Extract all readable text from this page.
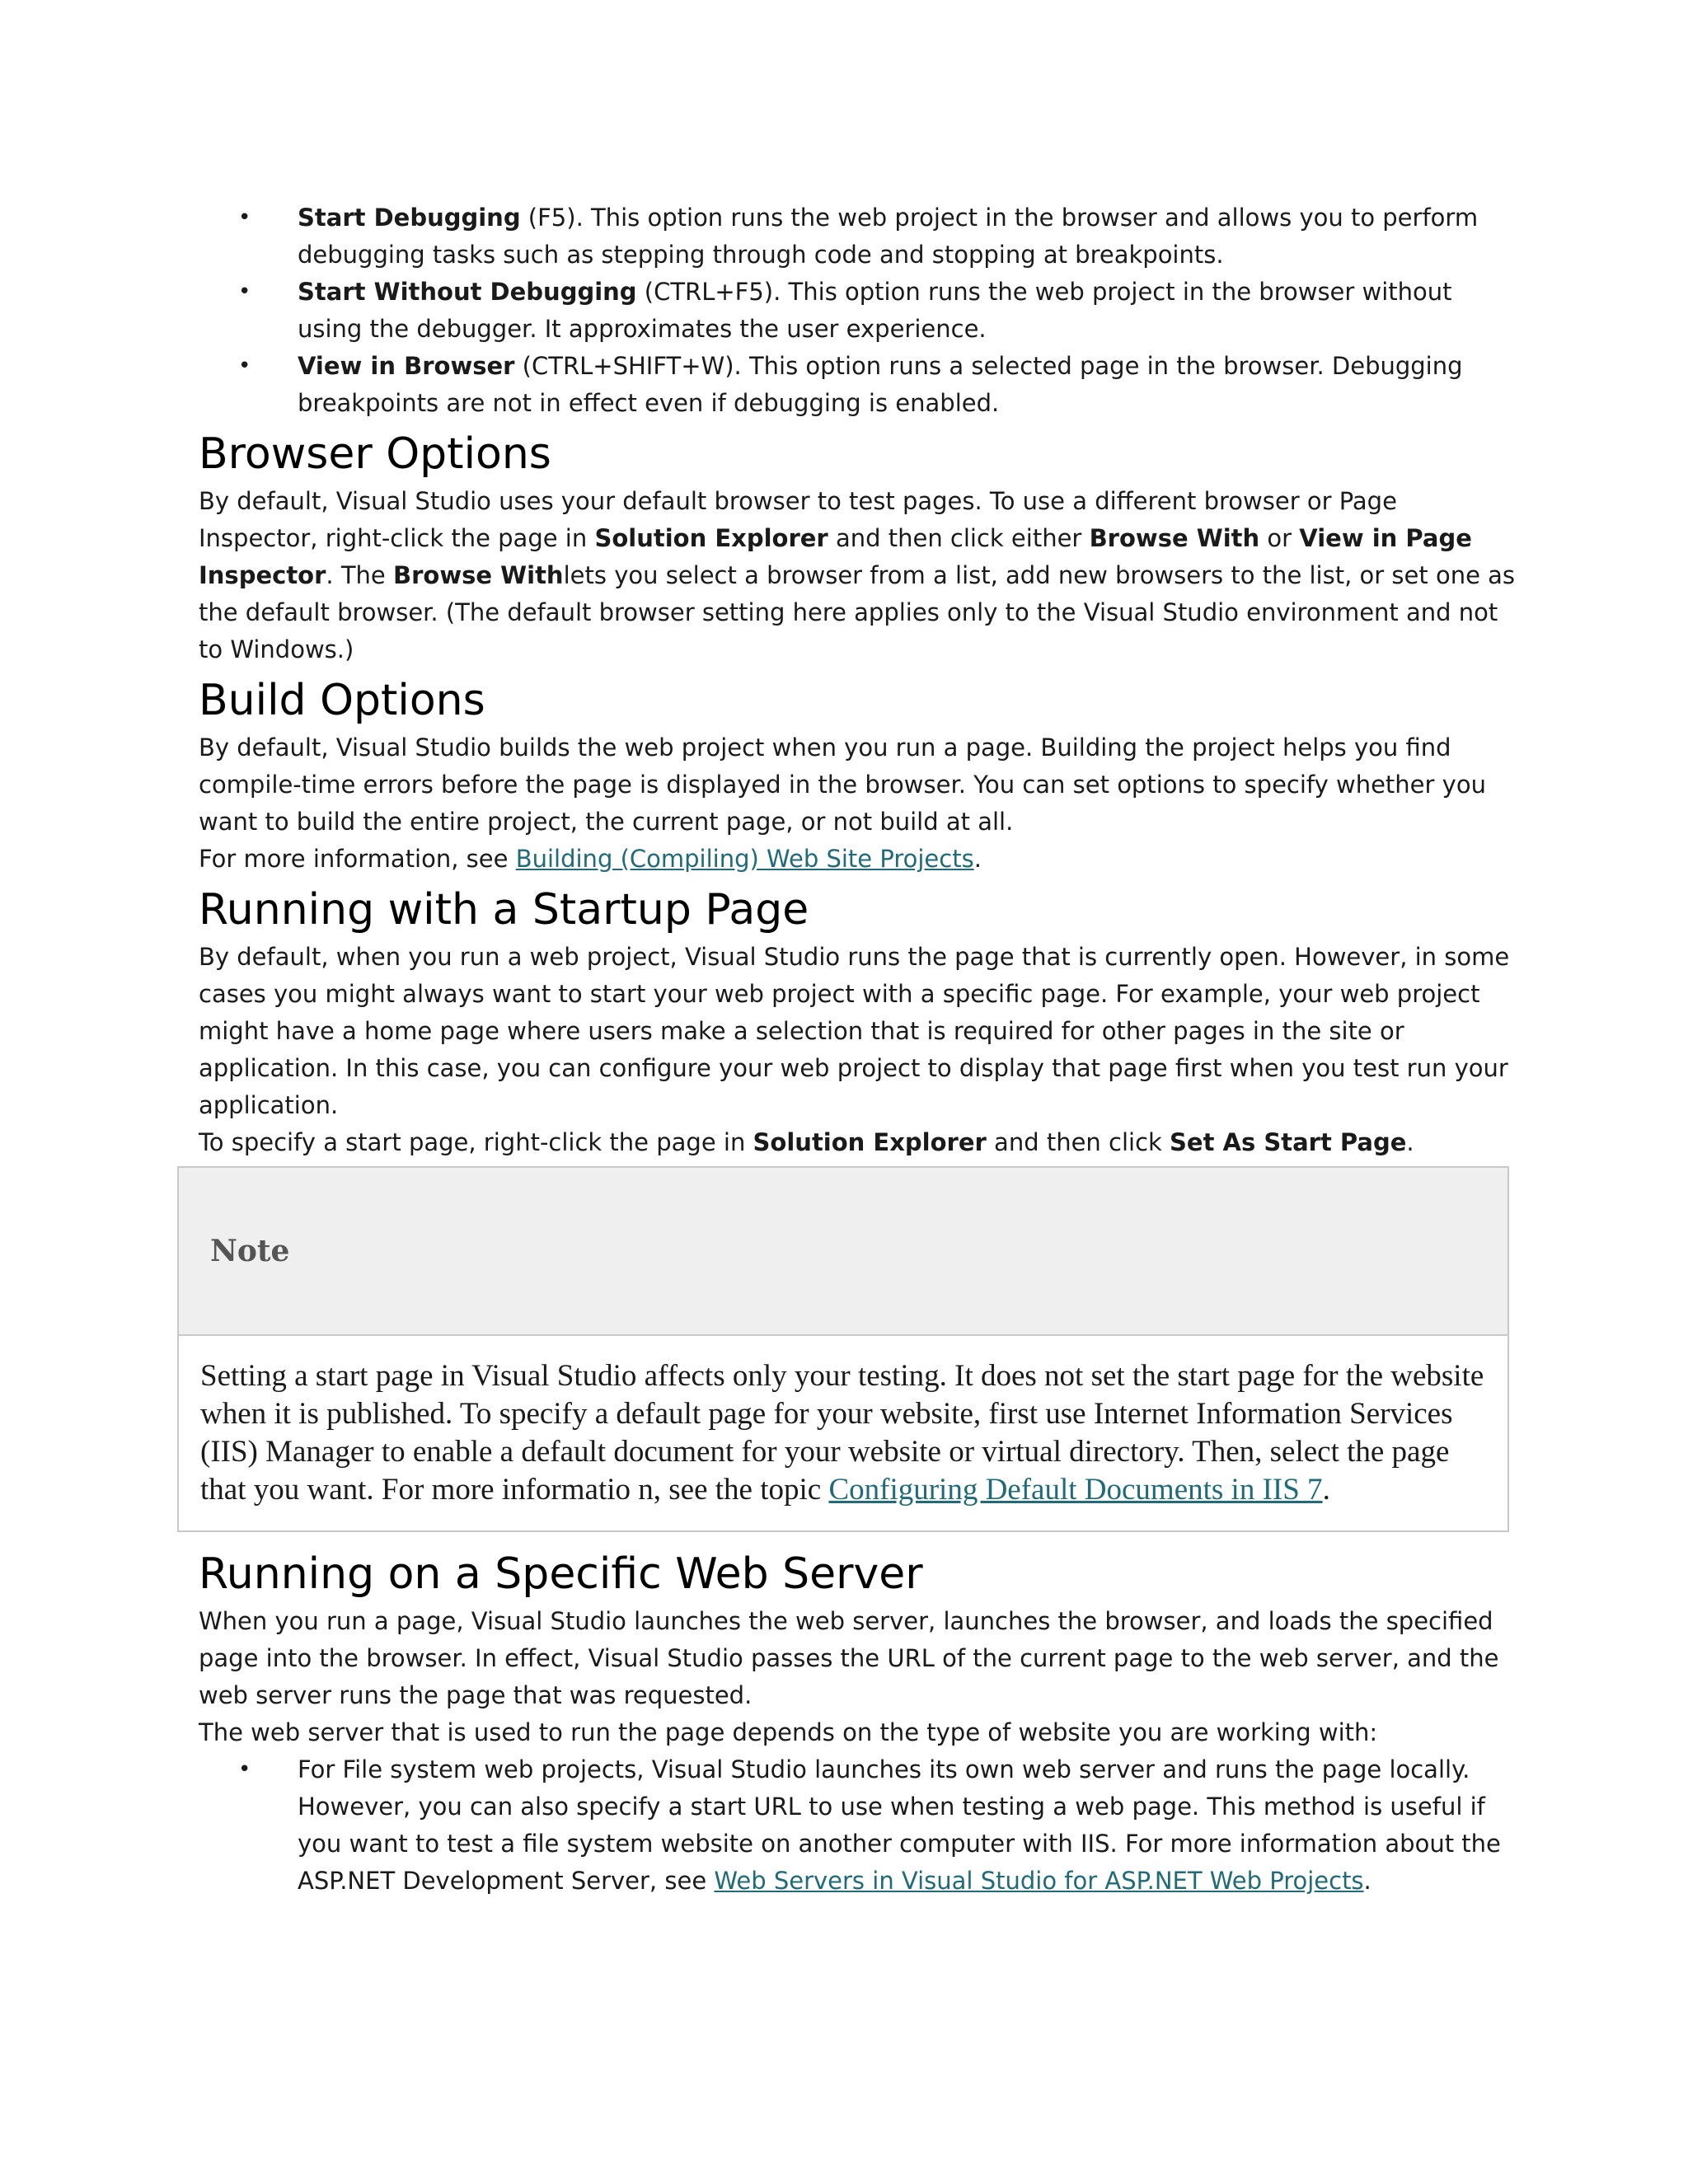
• Start Debugging (F5). This option runs the web project in the browser and allows you to perform debugging tasks such as stepping through code and stopping at breakpoints.
• Start Without Debugging (CTRL+F5). This option runs the web project in the browser without using the debugger. It approximates the user experience.
• View in Browser (CTRL+SHIFT+W). This option runs a selected page in the browser. Debugging breakpoints are not in effect even if debugging is enabled.
Browser Options

By default, Visual Studio uses your default browser to test pages. To use a different browser or Page Inspector, right-click the page in Solution Explorer and then click either Browse With or View in Page Inspector. The Browse Withlets you select a browser from a list, add new browsers to the list, or set one as the default browser. (The default browser setting here applies only to the Visual Studio environment and not to Windows.)

Build Options

By default, Visual Studio builds the web project when you run a page. Building the project helps you find compile-time errors before the page is displayed in the browser. You can set options to specify whether you want to build the entire project, the current page, or not build at all.

For more information, see Building (Compiling) Web Site Projects.

Running with a Startup Page

By default, when you run a web project, Visual Studio runs the page that is currently open. However, in some cases you might always want to start your web project with a specific page. For example, your web project might have a home page where users make a selection that is required for other pages in the site or application. In this case, you can configure your web project to display that page first when you test run your application.

To specify a start page, right-click the page in Solution Explorer and then click Set As Start Page.

Note
Setting a start page in Visual Studio affects only your testing. It does not set the start page for the website when it is published. To specify a default page for your website, first use Internet Information Services (IIS) Manager to enable a default document for your website or virtual directory. Then, select the page that you want. For more informatio n, see the topic Configuring Default Documents in IIS 7.
Running on a Specific Web Server

When you run a page, Visual Studio launches the web server, launches the browser, and loads the specified page into the browser. In effect, Visual Studio passes the URL of the current page to the web server, and the web server runs the page that was requested.

The web server that is used to run the page depends on the type of website you are working with:

• For File system web projects, Visual Studio launches its own web server and runs the page locally. However, you can also specify a start URL to use when testing a web page. This method is useful if you want to test a file system website on another computer with IIS. For more information about the ASP.NET Development Server, see Web Servers in Visual Studio for ASP.NET Web Projects.
